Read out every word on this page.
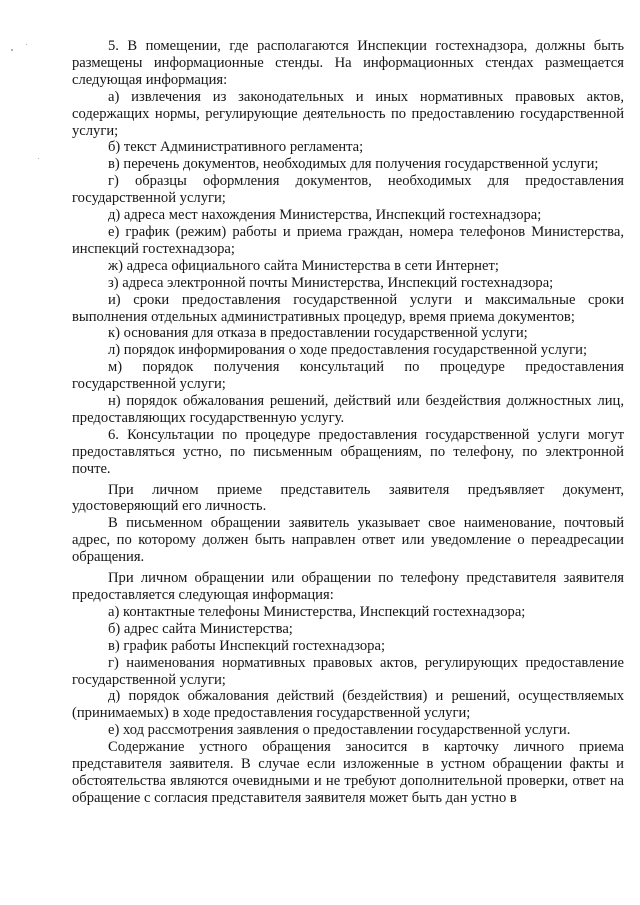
5. В помещении, где располагаются Инспекции гостехнадзора, должны быть размещены информационные стенды. На информационных стендах размещается следующая информация:

а) извлечения из законодательных и иных нормативных правовых актов, содержащих нормы, регулирующие деятельность по предоставлению государственной услуги;

б) текст Административного регламента;

в) перечень документов, необходимых для получения государственной услуги;

г) образцы оформления документов, необходимых для предоставления государственной услуги;

д) адреса мест нахождения Министерства, Инспекций гостехнадзора;

е) график (режим) работы и приема граждан, номера телефонов Министерства, инспекций гостехнадзора;

ж) адреса официального сайта Министерства в сети Интернет;

з) адреса электронной почты Министерства, Инспекций гостехнадзора;

и) сроки предоставления государственной услуги и максимальные сроки выполнения отдельных административных процедур, время приема документов;

к) основания для отказа в предоставлении государственной услуги;

л) порядок информирования о ходе предоставления государственной услуги;

м) порядок получения консультаций по процедуре предоставления государственной услуги;

н) порядок обжалования решений, действий или бездействия должностных лиц, предоставляющих государственную услугу.

6. Консультации по процедуре предоставления государственной услуги могут предоставляться устно, по письменным обращениям, по телефону, по электронной почте.

При личном приеме представитель заявителя предъявляет документ, удостоверяющий его личность.

В письменном обращении заявитель указывает свое наименование, почтовый адрес, по которому должен быть направлен ответ или уведомление о переадресации обращения.

При личном обращении или обращении по телефону представителя заявителя предоставляется следующая информация:

а) контактные телефоны Министерства, Инспекций гостехнадзора;

б) адрес сайта Министерства;

в) график работы Инспекций гостехнадзора;

г) наименования нормативных правовых актов, регулирующих предоставление государственной услуги;

д) порядок обжалования действий (бездействия) и решений, осуществляемых (принимаемых) в ходе предоставления государственной услуги;

е) ход рассмотрения заявления о предоставлении государственной услуги.

Содержание устного обращения заносится в карточку личного приема представителя заявителя. В случае если изложенные в устном обращении факты и обстоятельства являются очевидными и не требуют дополнительной проверки, ответ на обращение с согласия представителя заявителя может быть дан устно в
